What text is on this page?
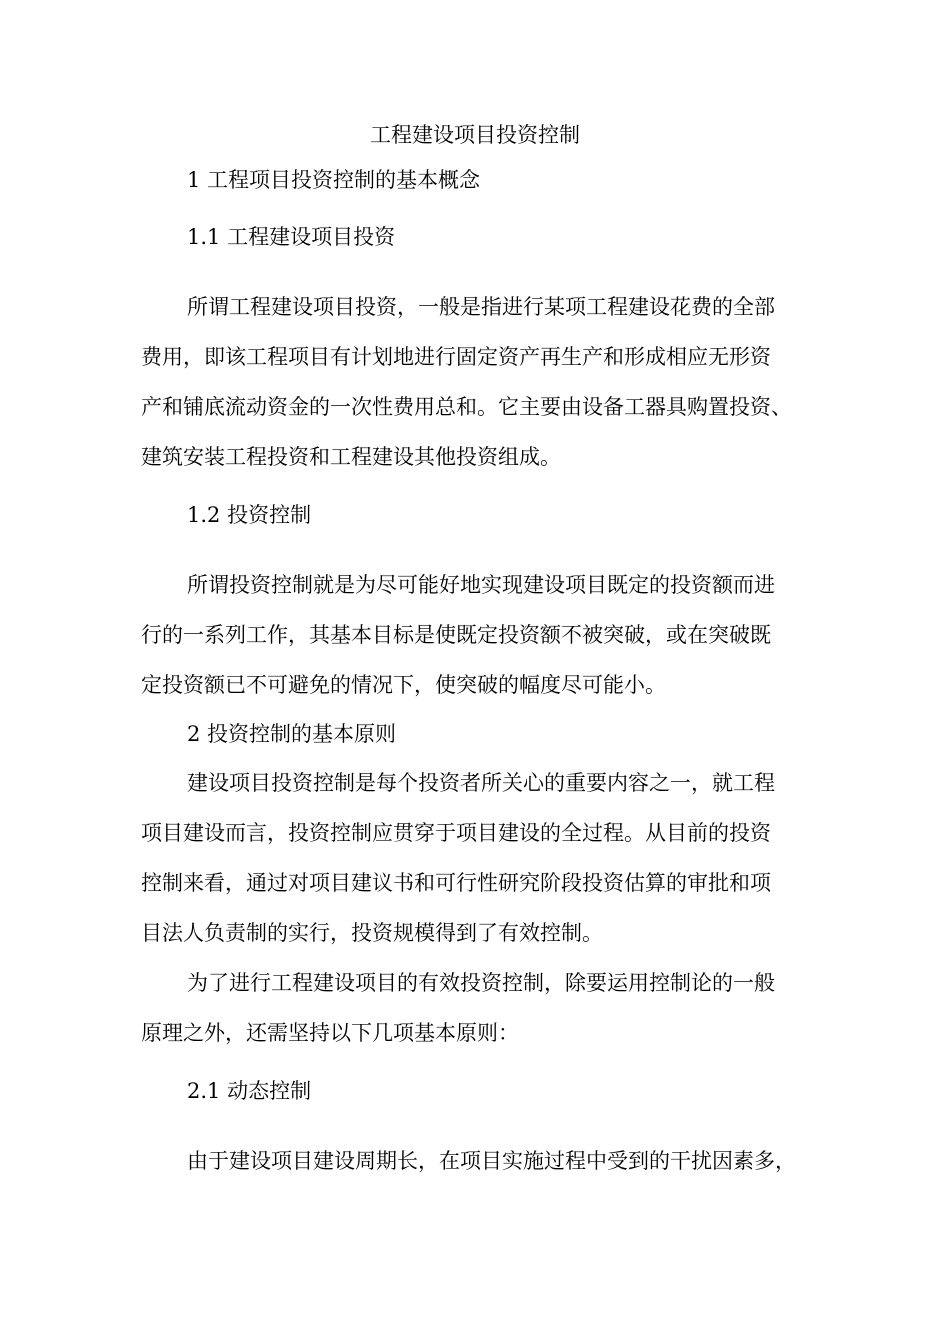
工程建设项目投资控制
1 工程项目投资控制的基本概念
1.1 工程建设项目投资
所谓工程建设项目投资，一般是指进行某项工程建设花费的全部
费用，即该工程项目有计划地进行固定资产再生产和形成相应无形资
产和铺底流动资金的一次性费用总和。它主要由设备工器具购置投资、
建筑安装工程投资和工程建设其他投资组成。
1.2 投资控制
所谓投资控制就是为尽可能好地实现建设项目既定的投资额而进
行的一系列工作，其基本目标是使既定投资额不被突破，或在突破既
定投资额已不可避免的情况下，使突破的幅度尽可能小。
2 投资控制的基本原则
建设项目投资控制是每个投资者所关心的重要内容之一，就工程
项目建设而言，投资控制应贯穿于项目建设的全过程。从目前的投资
控制来看，通过对项目建议书和可行性研究阶段投资估算的审批和项
目法人负责制的实行，投资规模得到了有效控制。
为了进行工程建设项目的有效投资控制，除要运用控制论的一般
原理之外，还需坚持以下几项基本原则：
2.1 动态控制
由于建设项目建设周期长，在项目实施过程中受到的干扰因素多，
